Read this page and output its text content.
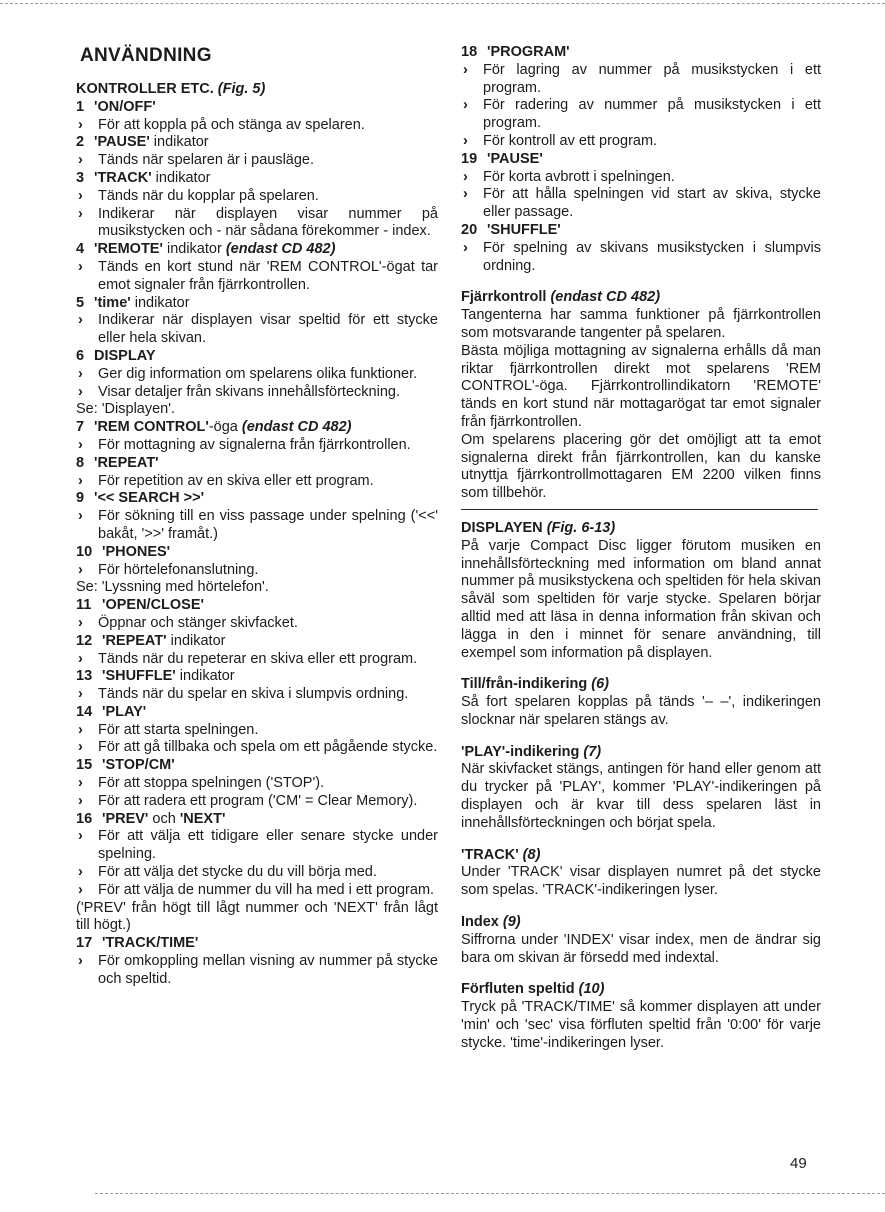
ANVÄNDNING
KONTROLLER ETC. (Fig. 5)
1 'ON/OFF'
› För att koppla på och stänga av spelaren.
2 'PAUSE' indikator
› Tänds när spelaren är i pausläge.
3 'TRACK' indikator
› Tänds när du kopplar på spelaren.
› Indikerar när displayen visar nummer på musikstycken och - när sådana förekommer - index.
4 'REMOTE' indikator (endast CD 482)
› Tänds en kort stund när 'REM CONTROL'-ögat tar emot signaler från fjärrkontrollen.
5 'time' indikator
› Indikerar när displayen visar speltid för ett stycke eller hela skivan.
6 DISPLAY
› Ger dig information om spelarens olika funktioner.
› Visar detaljer från skivans innehållsförteckning.
Se: 'Displayen'.
7 'REM CONTROL'-öga (endast CD 482)
› För mottagning av signalerna från fjärrkontrollen.
8 'REPEAT'
› För repetition av en skiva eller ett program.
9 '<< SEARCH >>'
› För sökning till en viss passage under spelning ('<<' bakåt, '>>' framåt.)
10 'PHONES'
› För hörtelefonanslutning.
Se: 'Lyssning med hörtelefon'.
11 'OPEN/CLOSE'
› Öppnar och stänger skivfacket.
12 'REPEAT' indikator
› Tänds när du repeterar en skiva eller ett program.
13 'SHUFFLE' indikator
› Tänds när du spelar en skiva i slumpvis ordning.
14 'PLAY'
› För att starta spelningen.
› För att gå tillbaka och spela om ett pågående stycke.
15 'STOP/CM'
› För att stoppa spelningen ('STOP').
› För att radera ett program ('CM' = Clear Memory).
16 'PREV' och 'NEXT'
› För att välja ett tidigare eller senare stycke under spelning.
› För att välja det stycke du du vill börja med.
› För att välja de nummer du vill ha med i ett program.
('PREV' från högt till lågt nummer och 'NEXT' från lågt till högt.)
17 'TRACK/TIME'
› För omkoppling mellan visning av nummer på stycke och speltid.
18 'PROGRAM'
› För lagring av nummer på musikstycken i ett program.
› För radering av nummer på musikstycken i ett program.
› För kontroll av ett program.
19 'PAUSE'
› För korta avbrott i spelningen.
› För att hålla spelningen vid start av skiva, stycke eller passage.
20 'SHUFFLE'
› För spelning av skivans musikstycken i slumpvis ordning.
Fjärrkontroll (endast CD 482)
Tangenterna har samma funktioner på fjärrkontrollen som motsvarande tangenter på spelaren.
Bästa möjliga mottagning av signalerna erhålls då man riktar fjärrkontrollen direkt mot spelarens 'REM CONTROL'-öga. Fjärrkontrollindikatorn 'REMOTE' tänds en kort stund när mottagarögat tar emot signaler från fjärrkontrollen.
Om spelarens placering gör det omöjligt att ta emot signalerna direkt från fjärrkontrollen, kan du kanske utnyttja fjärrkontrollmottagaren EM 2200 vilken finns som tillbehör.
DISPLAYEN (Fig. 6-13)
På varje Compact Disc ligger förutom musiken en innehållsförteckning med information om bland annat nummer på musikstyckena och speltiden för hela skivan såväl som speltiden för varje stycke. Spelaren börjar alltid med att läsa in denna information från skivan och lägga in den i minnet för senare användning, till exempel som information på displayen.
Till/från-indikering (6)
Så fort spelaren kopplas på tänds '– –', indikeringen slocknar när spelaren stängs av.
'PLAY'-indikering (7)
När skivfacket stängs, antingen för hand eller genom att du trycker på 'PLAY', kommer 'PLAY'-indikeringen på displayen och är kvar till dess spelaren läst in innehållsförteckningen och börjat spela.
'TRACK' (8)
Under 'TRACK' visar displayen numret på det stycke som spelas. 'TRACK'-indikeringen lyser.
Index (9)
Siffrorna under 'INDEX' visar index, men de ändrar sig bara om skivan är försedd med indextal.
Förfluten speltid (10)
Tryck på 'TRACK/TIME' så kommer displayen att under 'min' och 'sec' visa förfluten speltid från '0:00' för varje stycke. 'time'-indikeringen lyser.
49
